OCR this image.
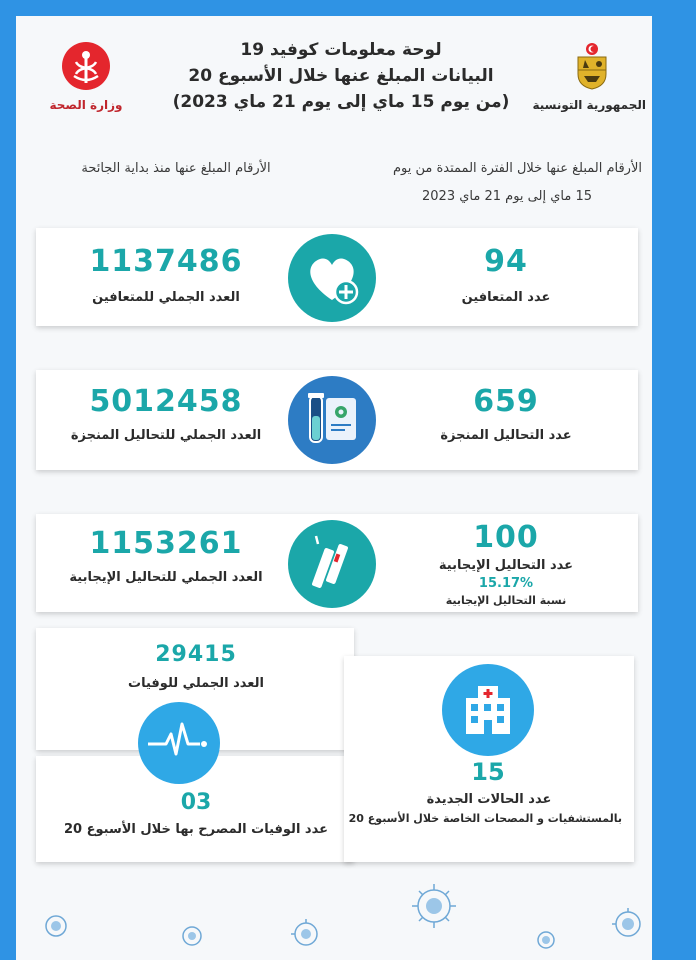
وزارة الصحة	الجمهورية التونسية
لوحة معلومات كوفيد 19
البيانات المبلغ عنها خلال الأسبوع 20
(من يوم 15 ماي إلى يوم 21 ماي 2023)
الأرقام المبلغ عنها خلال الفترة الممتدة من يوم
15 ماي إلى يوم 21 ماي 2023
الأرقام المبلغ عنها منذ بداية الجائحة
1137486
العدد الجملي للمتعافين
94
عدد المتعافين
5012458
العدد الجملي للتحاليل المنجزة
659
عدد التحاليل المنجزة
1153261
العدد الجملي للتحاليل الإيجابية
100
عدد التحاليل الإيجابية
15.17%
نسبة التحاليل الإيجابية
29415
العدد الجملي للوفيات
03
عدد الوفيات المصرح بها خلال الأسبوع 20
15
عدد الحالات الجديدة
بالمستشفيات و المصحات الخاصة خلال الأسبوع 20
